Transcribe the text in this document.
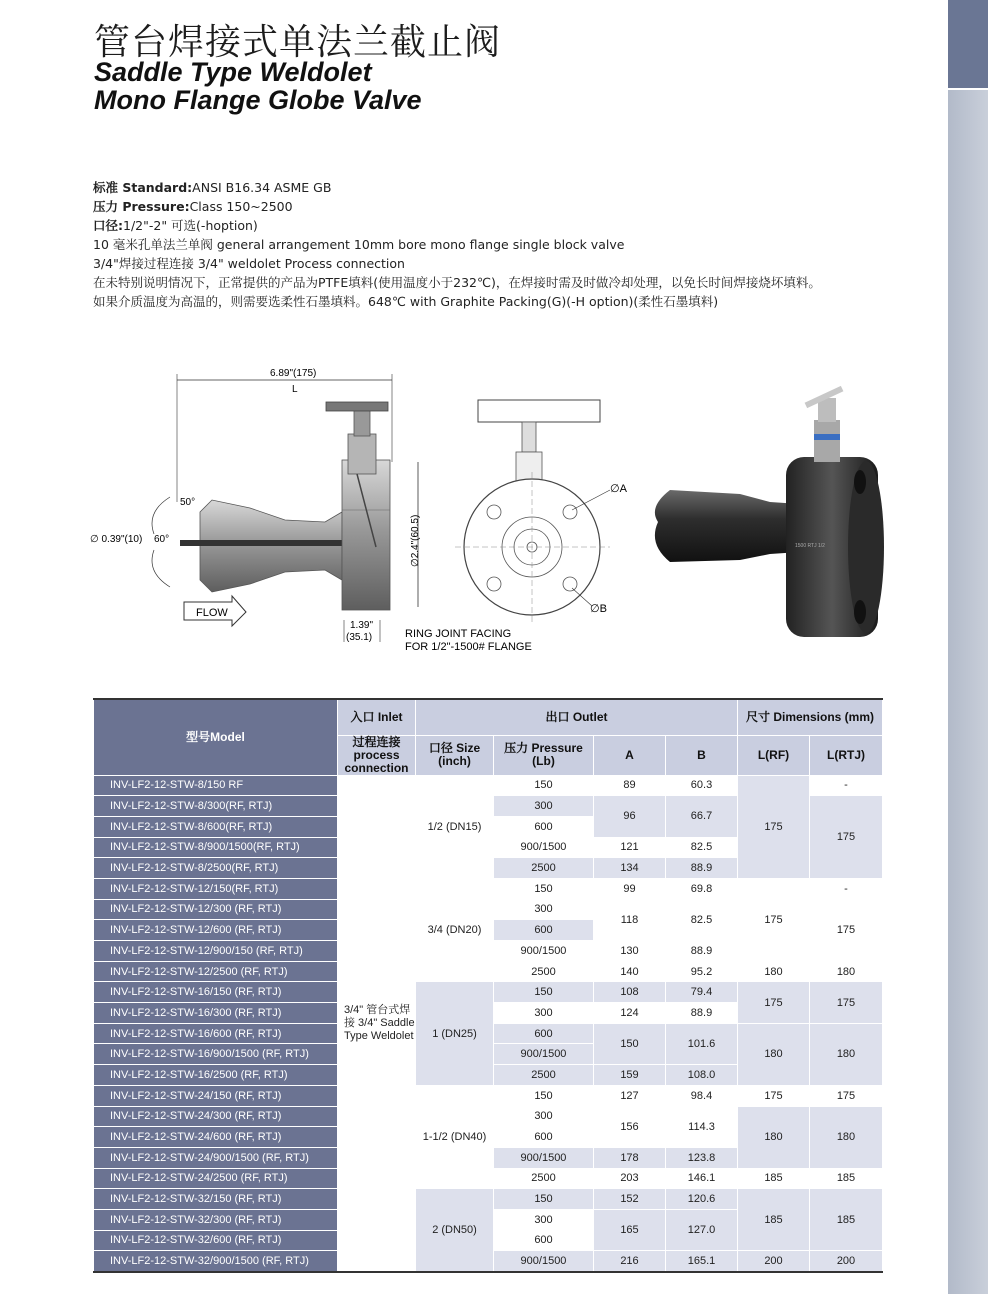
管台焊接式单法兰截止阀
Saddle Type Weldolet
Mono Flange Globe Valve
标准 Standard:ANSI B16.34 ASME GB
压力 Pressure:Class 150~2500
口径:1/2"-2" 可选(-hoption)
10 毫米孔单法兰单阀 general arrangement 10mm bore mono flange single block valve
3/4"焊接过程连接 3/4" weldolet Process connection
在未特别说明情况下，正常提供的产品为PTFE填料(使用温度小于232℃)，在焊接时需及时做冷却处理，以免长时间焊接烧坏填料。
如果介质温度为高温的，则需要选柔性石墨填料。648℃ with Graphite Packing(G)(-H option)(柔性石墨填料)
6.89"(175)
L
∅2.4"(60.5)
50°
∅ 0.39"(10) 60°
FLOW
1.39"
(35.1)	RING JOINT FACING
FOR 1/2"-1500# FLANGE
∅A
∅B
1500 RTJ 1/2
型号Model	入口 Inlet	出口 Outlet				尺寸 Dimensions (mm)	
	过程连接 process connection	口径 Size (inch)	压力 Pressure (Lb)	A	B	L(RF)	L(RTJ)
INV-LF2-12-STW-8/150 RF	3/4" 管台式焊接 3/4" Saddle Type Weldolet	1/2 (DN15)	150	89	60.3	175	-
INV-LF2-12-STW-8/300(RF, RTJ)			300	96	66.7		175
INV-LF2-12-STW-8/600(RF, RTJ)			600				
INV-LF2-12-STW-8/900/1500(RF, RTJ)			900/1500	121	82.5		
INV-LF2-12-STW-8/2500(RF, RTJ)			2500	134	88.9		
INV-LF2-12-STW-12/150(RF, RTJ)		3/4 (DN20)	150	99	69.8	175	-
INV-LF2-12-STW-12/300 (RF, RTJ)			300	118	82.5		175
INV-LF2-12-STW-12/600 (RF, RTJ)			600				
INV-LF2-12-STW-12/900/150 (RF, RTJ)			900/1500	130	88.9		
INV-LF2-12-STW-12/2500 (RF, RTJ)			2500	140	95.2	180	180
INV-LF2-12-STW-16/150 (RF, RTJ)		1 (DN25)	150	108	79.4	175	175
INV-LF2-12-STW-16/300 (RF, RTJ)			300	124	88.9		
INV-LF2-12-STW-16/600 (RF, RTJ)			600	150	101.6	180	180
INV-LF2-12-STW-16/900/1500 (RF, RTJ)			900/1500				
INV-LF2-12-STW-16/2500 (RF, RTJ)			2500	159	108.0		
INV-LF2-12-STW-24/150 (RF, RTJ)		1-1/2 (DN40)	150	127	98.4	175	175
INV-LF2-12-STW-24/300 (RF, RTJ)			300	156	114.3	180	180
INV-LF2-12-STW-24/600 (RF, RTJ)			600				
INV-LF2-12-STW-24/900/1500 (RF, RTJ)			900/1500	178	123.8		
INV-LF2-12-STW-24/2500 (RF, RTJ)			2500	203	146.1	185	185
INV-LF2-12-STW-32/150 (RF, RTJ)		2 (DN50)	150	152	120.6	185	185
INV-LF2-12-STW-32/300 (RF, RTJ)			300	165	127.0		
INV-LF2-12-STW-32/600 (RF, RTJ)			600				
INV-LF2-12-STW-32/900/1500 (RF, RTJ)			900/1500	216	165.1	200	200
